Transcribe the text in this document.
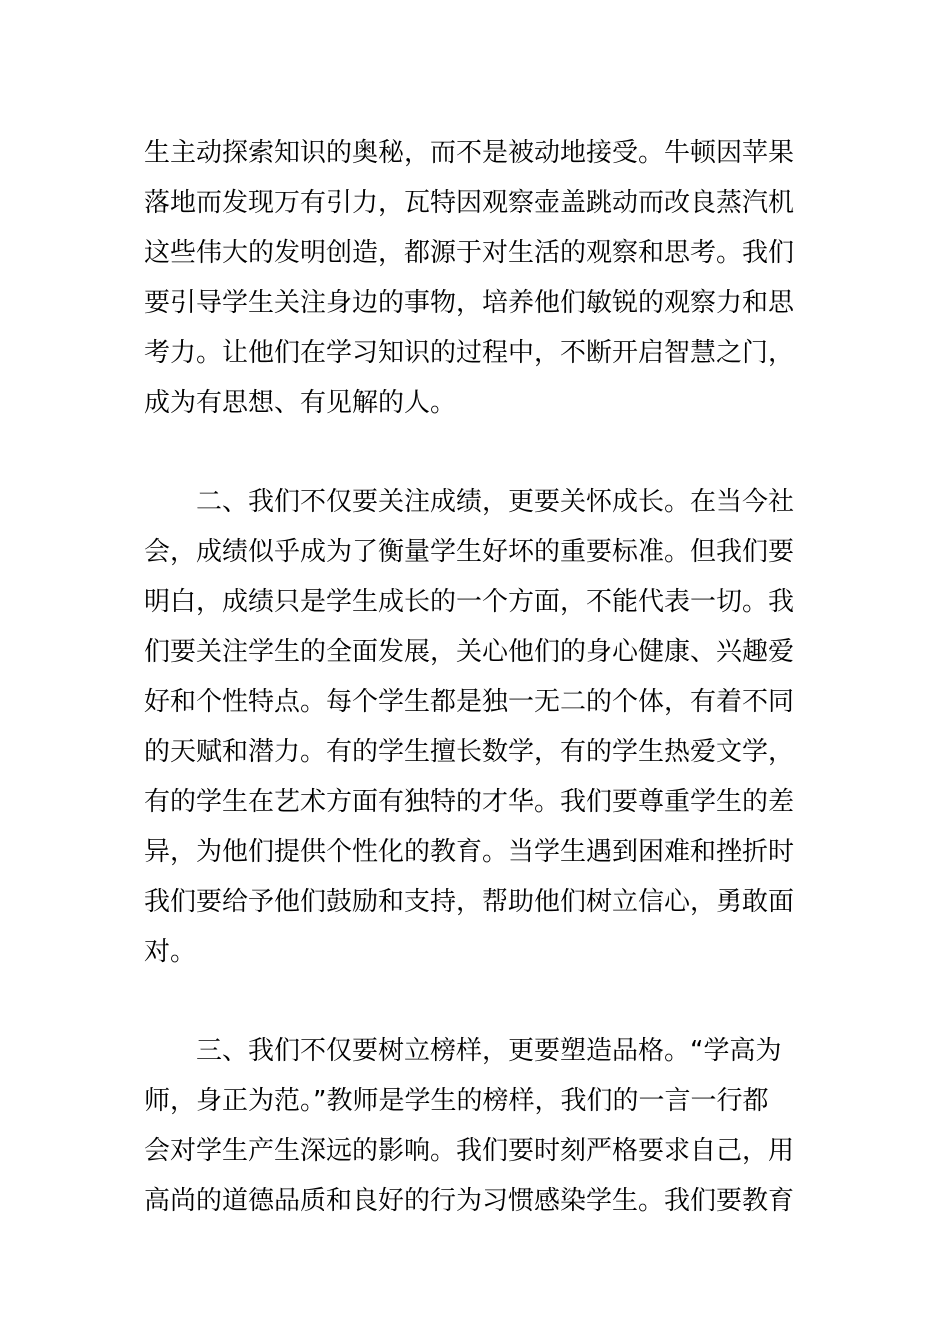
生主动探索知识的奥秘，而不是被动地接受。牛顿因苹果
落地而发现万有引力，瓦特因观察壶盖跳动而改良蒸汽机
这些伟大的发明创造，都源于对生活的观察和思考。我们
要引导学生关注身边的事物，培养他们敏锐的观察力和思
考力。让他们在学习知识的过程中，不断开启智慧之门，
成为有思想、有见解的人。
二、我们不仅要关注成绩，更要关怀成长。在当今社
会，成绩似乎成为了衡量学生好坏的重要标准。但我们要
明白，成绩只是学生成长的一个方面，不能代表一切。我
们要关注学生的全面发展，关心他们的身心健康、兴趣爱
好和个性特点。每个学生都是独一无二的个体，有着不同
的天赋和潜力。有的学生擅长数学，有的学生热爱文学，
有的学生在艺术方面有独特的才华。我们要尊重学生的差
异，为他们提供个性化的教育。当学生遇到困难和挫折时
我们要给予他们鼓励和支持，帮助他们树立信心，勇敢面
对。
三、我们不仅要树立榜样，更要塑造品格。“学高为
师，身正为范。”教师是学生的榜样，我们的一言一行都
会对学生产生深远的影响。我们要时刻严格要求自己，用
高尚的道德品质和良好的行为习惯感染学生。我们要教育
